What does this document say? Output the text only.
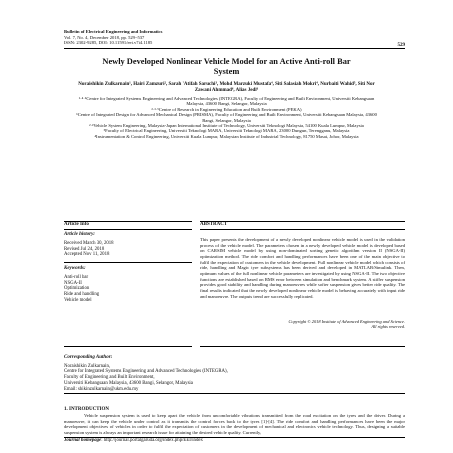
Bulletin of Electrical Engineering and Informatics
Vol. 7, No. 4, December 2018, pp. 529~537
ISSN: 2302-9285, DOI: 10.11591/eei.v7i4.1185
529
Newly Developed Nonlinear Vehicle Model for an Active Anti-roll Bar System
Noraishikin Zulkarnain¹, Hairi Zamzuri², Sarah 'Atifah Saruchi³, Mohd Marzuki Mustafa⁴, Siti Salasiah Mokri⁴, Nurbaiti Wahid⁵, Siti Nor Zawani Ahmmad⁶, Alias Jedi⁶

¹·⁴·⁶Centre for Integrated Systems Engineering and Advanced Technologies (INTEGRA), Faculty of Engineering and Built Environment, Universiti Kebangsaan Malaysia, 43600 Bangi, Selangor, Malaysia

²·³·⁵Centre of Research in Engineering Education and Built Environment (PEKA)

⁶Centre of Integrated Design for Advanced Mechanical Design (PRISMA), Faculty of Engineering and Built Environment, Universiti Kebangsaan Malaysia, 43600 Bangi, Selangor, Malaysia

²·³Vehicle System Engineering, Malaysia-Japan International Institute of Technology, Universiti Teknologi Malaysia, 54100 Kuala Lumpur, Malaysia

⁵Faculty of Electrical Engineering, Universiti Teknologi MARA, Universiti Teknologi MARA, 23000 Dungun, Terengganu, Malaysia

⁴Instrumentation & Control Engineering, Universiti Kuala Lumpur, Malaysian Institute of Industrial Technology, 81750 Masai, Johor, Malaysia

Article Info	ABSTRACT
Article history:
Received March 30, 2018
Revised Jul 24, 2018
Accepted Nov 11, 2018
Keywords:
Anti-roll bar
NSGA-II
Optimization
Ride and handling
Vehicle model
This paper presents the development of a newly developed nonlinear vehicle model is used in the validation process of the vehicle model. The parameters chosen in a newly developed vehicle model is developed based on CARSIM vehicle model by using non-dominated sorting genetic algorithm version II (NSGA-II) optimization method. The ride comfort and handling performances have been one of the main objective to fulfil the expectation of customers in the vehicle development. Full nonlinear vehicle model which consists of ride, handling and Magic tyre subsystems has been derived and developed in MATLAB/Simulink. Then, optimum values of the full nonlinear vehicle parameters are investigated by using NSGA-II. The two objective functions are established based on RMS error between simulation and benchmark system. A stiffer suspension provides good stability and handling during manoeuvres while softer suspension gives better ride quality. The final results indicated that the newly developed nonlinear vehicle model is behaving accurately with input ride and manoeuvre. The outputs trend are successfully replicated.
Copyright © 2018 Institute of Advanced Engineering and Science.
All rights reserved.

Corresponding Author:

Noraishikin Zulkarnain,

Centre for Integrated Systems Engineering and Advanced Technologies (INTEGRA),

Faculty of Engineering and Built Environment,

Universiti Kebangsaan Malaysia, 43600 Bangi, Selangor, Malaysia

Email: shikinzulkarnain@ukm.edu.my

1. INTRODUCTION
Vehicle suspension system is used to keep apart the vehicle from uncomfortable vibrations transmitted from the road excitation on the tyres and the driver. During a manoeuvre, it can keep the vehicle under control as it transmits the control forces back to the tyres [1]-[4]. The ride comfort and handling performances have been the major development objectives of vehicles in order to fulfil the expectation of customers in the development of mechanical and electronics vehicle technology. Thus, designing a suitable suspension system is always an important research issue for attaining the desired vehicle quality. Currently,
Journal homepage: http://journal.portalgaruda.org/index.php/EEI/index
